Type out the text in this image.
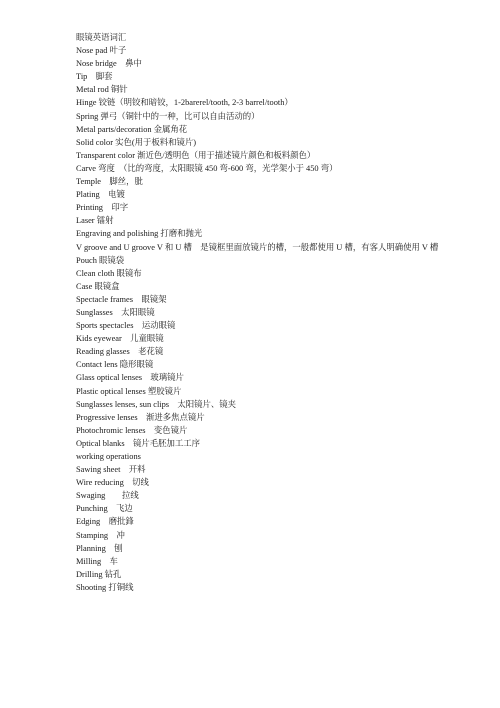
眼镜英语词汇
Nose pad 叶子
Nose bridge　鼻中
Tip　脚套
Metal rod 铜针
Hinge 铰链（明铰和暗铰，1-2barerel/tooth, 2-3 barrel/tooth）
Spring 弹弓（铜针中的一种，比可以自由活动的）
Metal parts/decoration 金属角花
Solid color 实色(用于板料和镜片)
Transparent color 渐近色/透明色（用于描述镜片颜色和板料颜色）
Carve 弯度　（比的弯度，太阳眼镜 450 弯-600 弯，光学架小于 450 弯）
Temple　脚丝，肶
Plating　电镀
Printing　印字
Laser 镭射
Engraving and polishing 打磨和抛光
V groove and U groove V 和 U 槽　是镜框里面放镜片的槽，一般都使用 U 槽，有客人明确使用 V 槽
Pouch 眼镜袋
Clean cloth 眼镜布
Case 眼镜盒
Spectacle frames　眼镜架
Sunglasses　太阳眼镜
Sports spectacles　运动眼镜
Kids eyewear　儿童眼镜
Reading glasses　老花镜
Contact lens 隐形眼镜
Glass optical lenses　玻璃镜片
Plastic optical lenses 塑胶镜片
Sunglasses lenses, sun clips　太阳镜片、镜夹
Progressive lenses　渐进多焦点镜片
Photochromic lenses　变色镜片
Optical blanks　镜片毛胚加工工序
working operations
Sawing sheet　开料
Wire reducing　切线
Swaging　　拉线
Punching　飞边
Edging　磨批鋒
Stamping　冲
Planning　刨
Milling　车
Drilling 钻孔
Shooting 打铜线
